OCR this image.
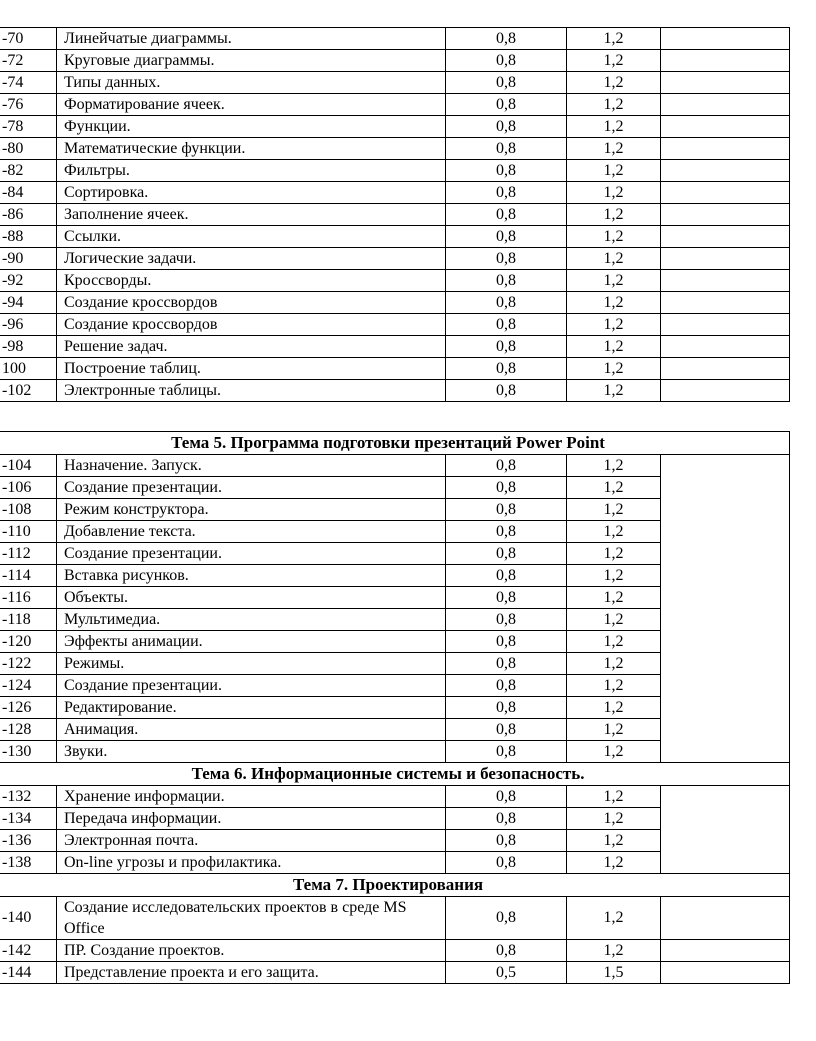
-70	Линейчатые диаграммы.	0,8	1,2	
-72	Круговые диаграммы.	0,8	1,2	
-74	Типы данных.	0,8	1,2	
-76	Форматирование ячеек.	0,8	1,2	
-78	Функции.	0,8	1,2	
-80	Математические функции.	0,8	1,2	
-82	Фильтры.	0,8	1,2	
-84	Сортировка.	0,8	1,2	
-86	Заполнение ячеек.	0,8	1,2	
-88	Ссылки.	0,8	1,2	
-90	Логические задачи.	0,8	1,2	
-92	Кроссворды.	0,8	1,2	
-94	Создание кроссвордов	0,8	1,2	
-96	Создание кроссвордов	0,8	1,2	
-98	Решение задач.	0,8	1,2	
100	Построение таблиц.	0,8	1,2	
-102	Электронные таблицы.	0,8	1,2	
Тема 5. Программа подготовки презентаций Power Point				
-104	Назначение. Запуск.	0,8	1,2	
-106	Создание презентации.	0,8	1,2	
-108	Режим конструктора.	0,8	1,2	
-110	Добавление текста.	0,8	1,2	
-112	Создание презентации.	0,8	1,2	
-114	Вставка рисунков.	0,8	1,2	
-116	Объекты.	0,8	1,2	
-118	Мультимедиа.	0,8	1,2	
-120	Эффекты анимации.	0,8	1,2	
-122	Режимы.	0,8	1,2	
-124	Создание презентации.	0,8	1,2	
-126	Редактирование.	0,8	1,2	
-128	Анимация.	0,8	1,2	
-130	Звуки.	0,8	1,2	
Тема 6. Информационные системы и безопасность.				
-132	Хранение информации.	0,8	1,2	
-134	Передача информации.	0,8	1,2	
-136	Электронная почта.	0,8	1,2	
-138	On-line угрозы и профилактика.	0,8	1,2	
Тема 7. Проектирования				
-140	Создание исследовательских проектов в среде MS Office	0,8	1,2	
-142	ПР. Создание проектов.	0,8	1,2	
-144	Представление проекта и его защита.	0,5	1,5	
